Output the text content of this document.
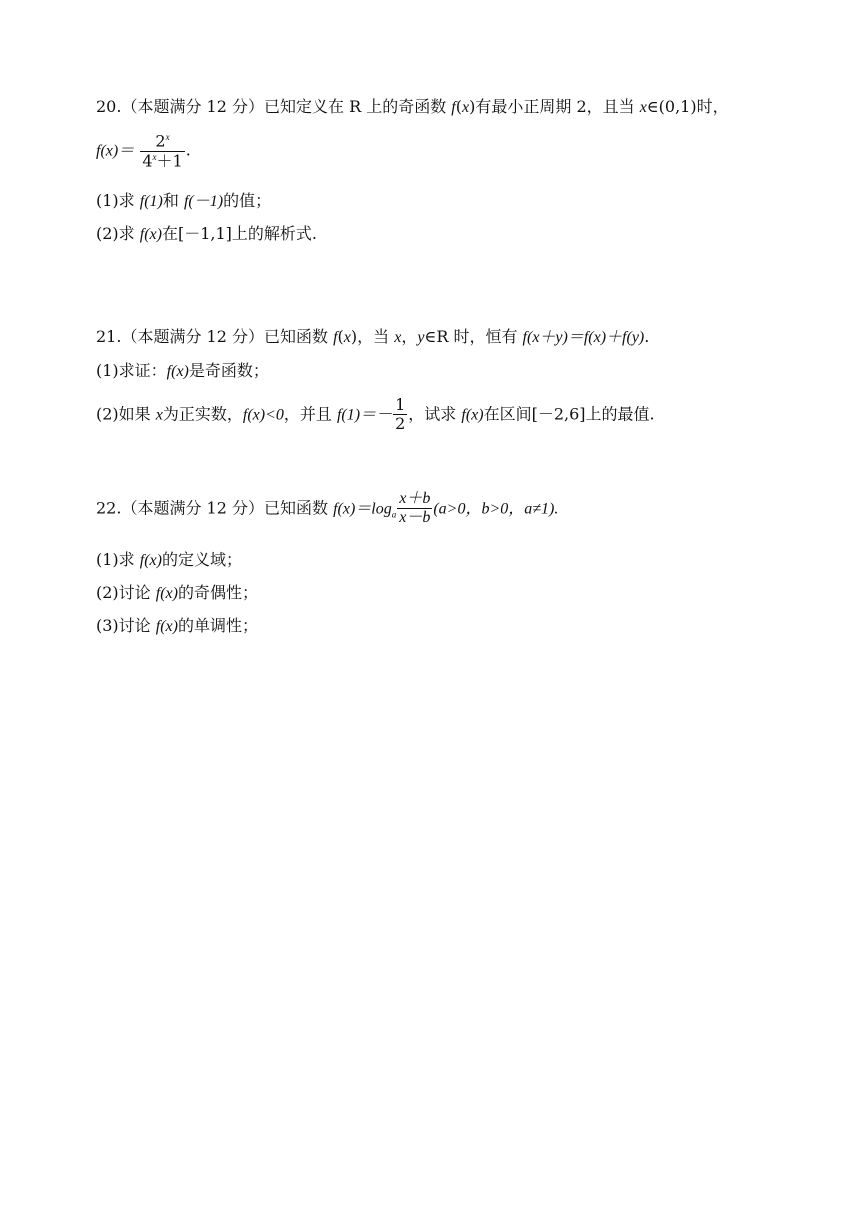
20.（本题满分 12 分）已知定义在 R 上的奇函数 f(x)有最小正周期 2，且当 x∈(0,1)时，
$f(x)= \frac{2^x}{4^x+1}$ .
(1)求 f(1)和 f(－1)的值；
(2)求 f(x)在[－1,1]上的解析式.
21.（本题满分 12 分）已知函数 f(x)，当 x，y∈R 时，恒有 f(x＋y)＝f(x)＋f(y).
(1)求证：f(x)是奇函数；
(2)如果 x为正实数，f(x)<0，并且 $f(1)=- \frac{1}{2}$ ，试求 f(x)在区间[－2,6]上的最值.
22.（本题满分 12 分）已知函数 $f(x)=\log_a \frac{x+b}{x-b} (a>0$，b>0，a≠1).
(1)求 f(x)的定义域；
(2)讨论 f(x)的奇偶性；
(3)讨论 f(x)的单调性；
